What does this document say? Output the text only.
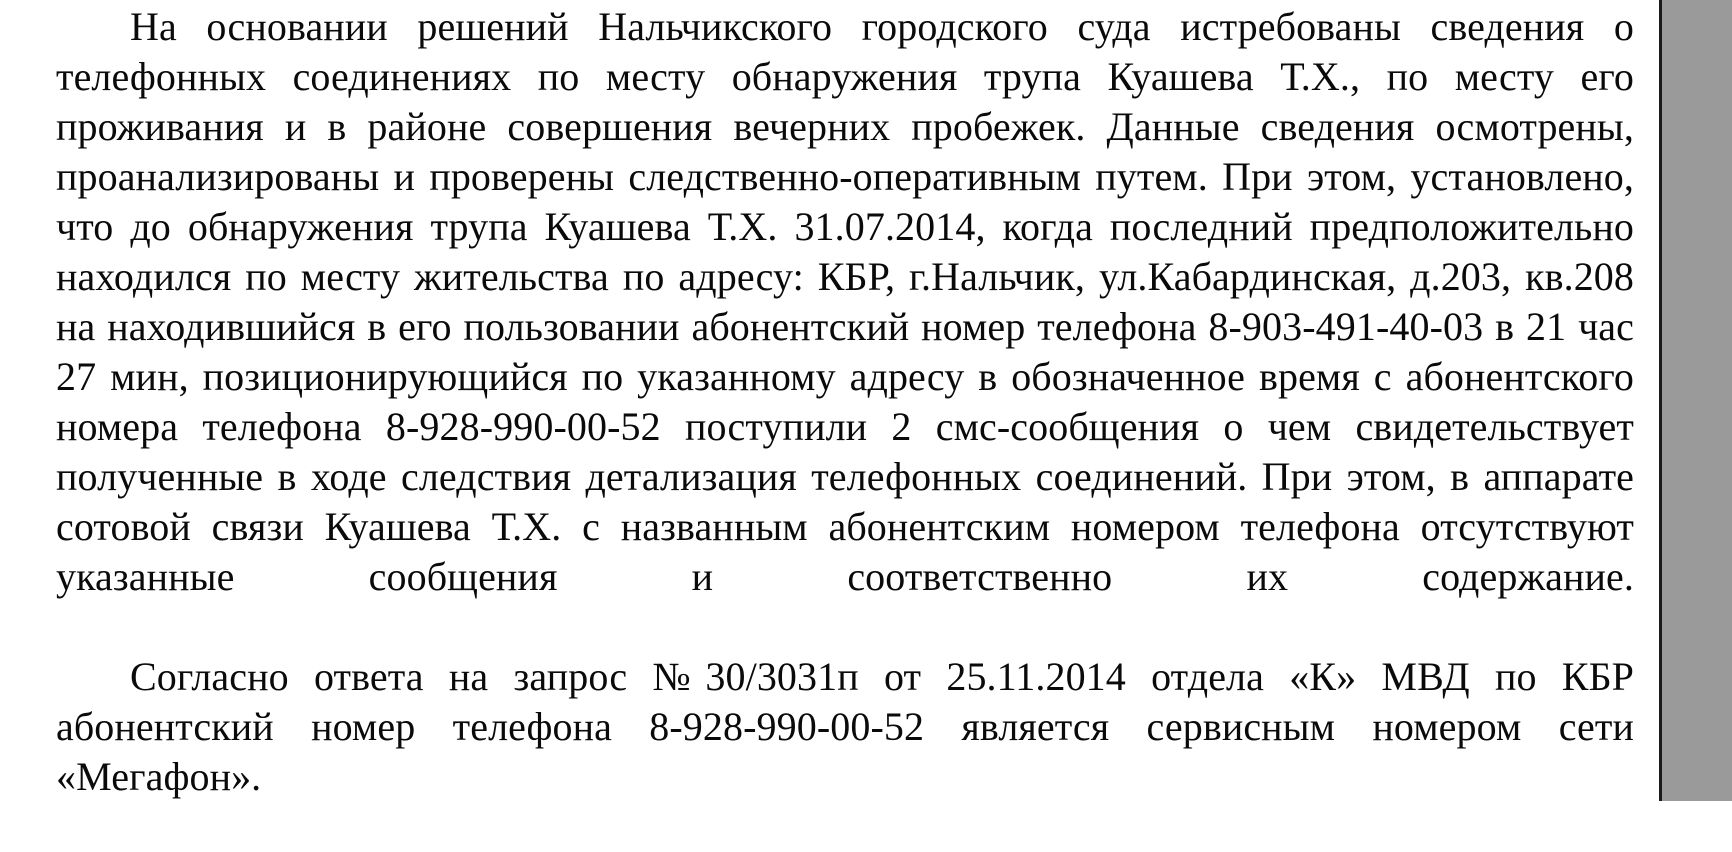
На основании решений Нальчикского городского суда истребованы сведения о телефонных соединениях по месту обнаружения трупа Куашева Т.Х., по месту его проживания и в районе совершения вечерних пробежек. Данные сведения осмотрены, проанализированы и проверены следственно-оперативным путем. При этом, установлено, что до обнаружения трупа Куашева Т.Х. 31.07.2014, когда последний предположительно находился по месту жительства по адресу: КБР, г.Нальчик, ул.Кабардинская, д.203, кв.208 на находившийся в его пользовании абонентский номер телефона 8-903-491-40-03 в 21 час 27 мин, позиционирующийся по указанному адресу в обозначенное время с абонентского номера телефона 8-928-990-00-52 поступили 2 смс-сообщения о чем свидетельствует полученные в ходе следствия детализация телефонных соединений. При этом, в аппарате сотовой связи Куашева Т.Х. с названным абонентским номером телефона отсутствуют указанные сообщения и соответственно их содержание.

Согласно ответа на запрос №30/3031п от 25.11.2014 отдела «К» МВД по КБР абонентский номер телефона 8-928-990-00-52 является сервисным номером сети «Мегафон».
